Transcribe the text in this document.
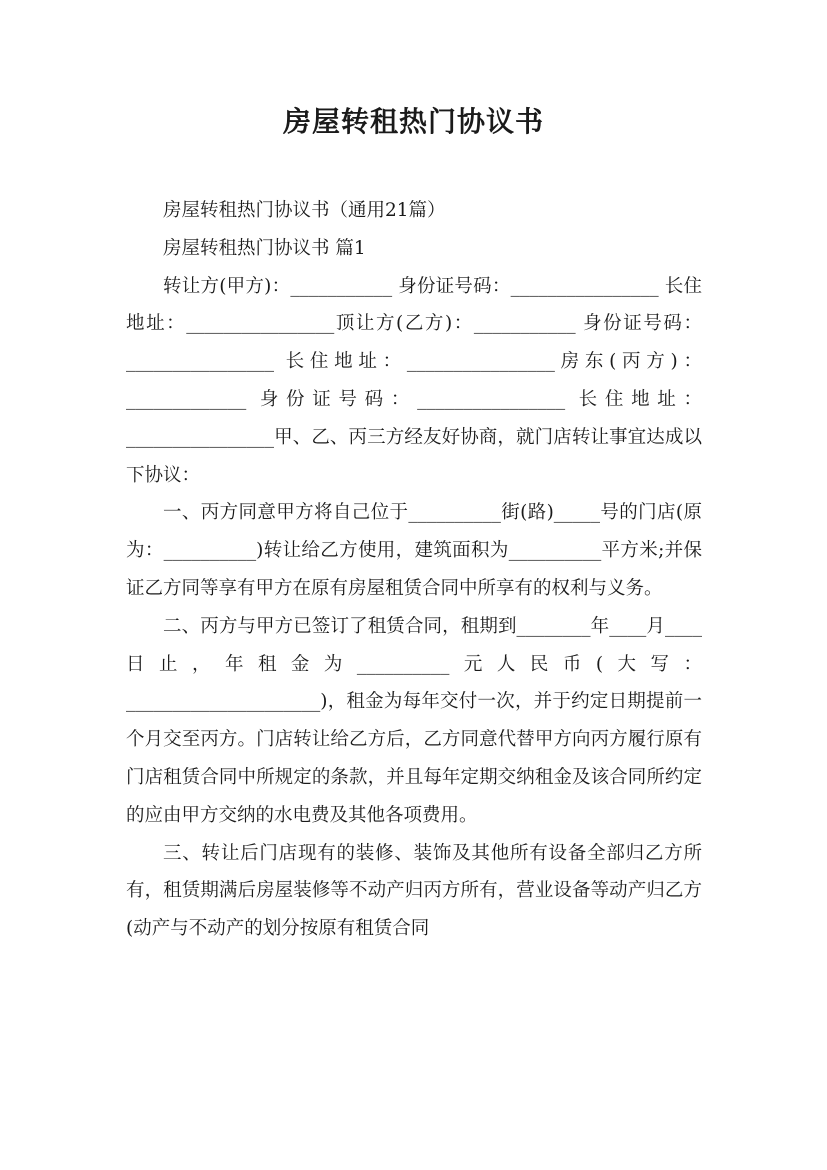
房屋转租热门协议书

房屋转租热门协议书（通用21篇）

房屋转租热门协议书 篇1

转让方(甲方)：___________ 身份证号码：________________ 长住地址：________________顶让方(乙方)：___________ 身份证号码：________________ 长住地址：________________房东(丙方)：_____________ 身份证号码：________________ 长住地址：________________甲、乙、丙三方经友好协商，就门店转让事宜达成以下协议：

一、丙方同意甲方将自己位于__________街(路)_____号的门店(原为：__________)转让给乙方使用，建筑面积为__________平方米;并保证乙方同等享有甲方在原有房屋租赁合同中所享有的权利与义务。

二、丙方与甲方已签订了租赁合同，租期到________年____月____日止，年租金为__________元人民币(大写：_____________________)，租金为每年交付一次，并于约定日期提前一个月交至丙方。门店转让给乙方后，乙方同意代替甲方向丙方履行原有门店租赁合同中所规定的条款，并且每年定期交纳租金及该合同所约定的应由甲方交纳的水电费及其他各项费用。

三、转让后门店现有的装修、装饰及其他所有设备全部归乙方所有，租赁期满后房屋装修等不动产归丙方所有，营业设备等动产归乙方(动产与不动产的划分按原有租赁合同
